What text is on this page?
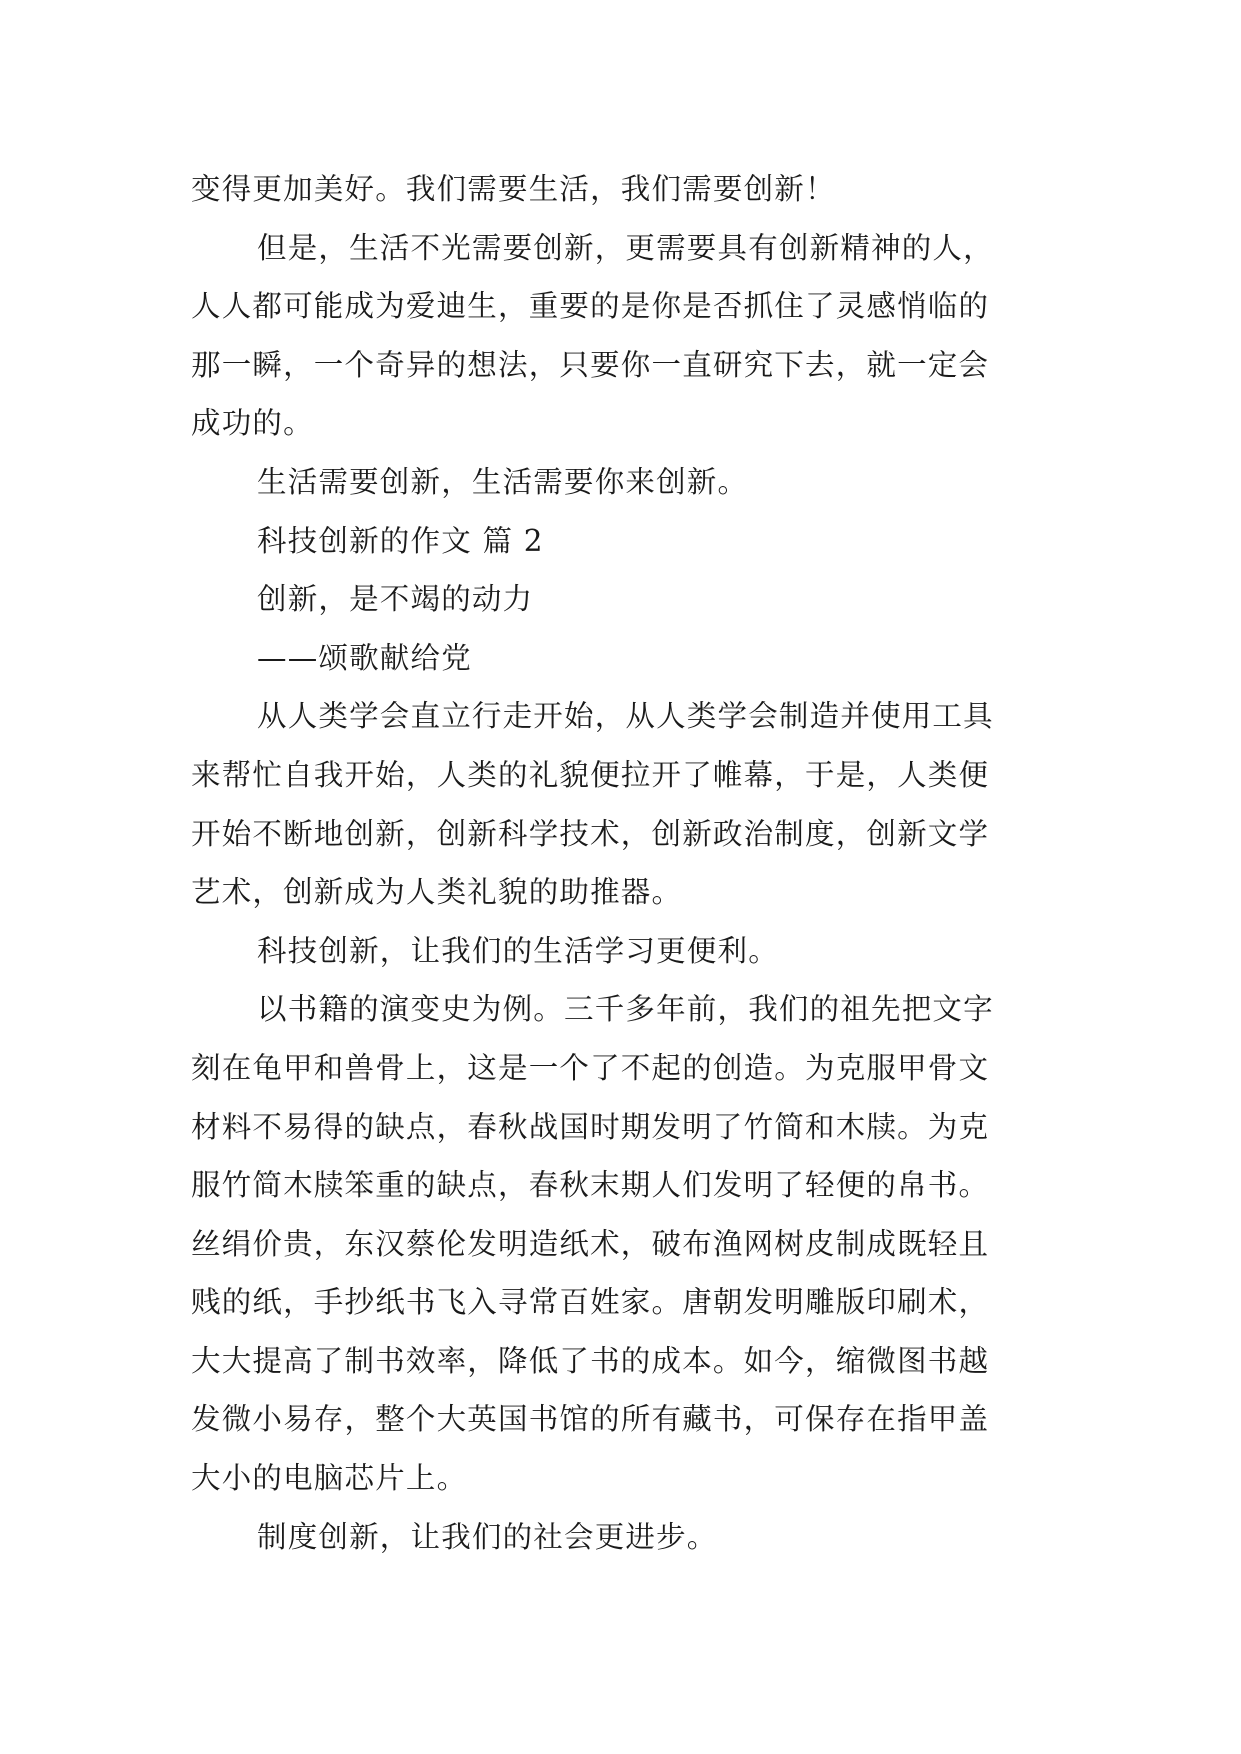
变得更加美好。我们需要生活，我们需要创新！
但是，生活不光需要创新，更需要具有创新精神的人，
人人都可能成为爱迪生，重要的是你是否抓住了灵感悄临的
那一瞬，一个奇异的想法，只要你一直研究下去，就一定会
成功的。
生活需要创新，生活需要你来创新。
科技创新的作文 篇 2
创新，是不竭的动力
——颂歌献给党
从人类学会直立行走开始，从人类学会制造并使用工具
来帮忙自我开始，人类的礼貌便拉开了帷幕，于是，人类便
开始不断地创新，创新科学技术，创新政治制度，创新文学
艺术，创新成为人类礼貌的助推器。
科技创新，让我们的生活学习更便利。
以书籍的演变史为例。三千多年前，我们的祖先把文字
刻在龟甲和兽骨上，这是一个了不起的创造。为克服甲骨文
材料不易得的缺点，春秋战国时期发明了竹简和木牍。为克
服竹简木牍笨重的缺点，春秋末期人们发明了轻便的帛书。
丝绢价贵，东汉蔡伦发明造纸术，破布渔网树皮制成既轻且
贱的纸，手抄纸书飞入寻常百姓家。唐朝发明雕版印刷术，
大大提高了制书效率，降低了书的成本。如今，缩微图书越
发微小易存，整个大英国书馆的所有藏书，可保存在指甲盖
大小的电脑芯片上。
制度创新，让我们的社会更进步。
